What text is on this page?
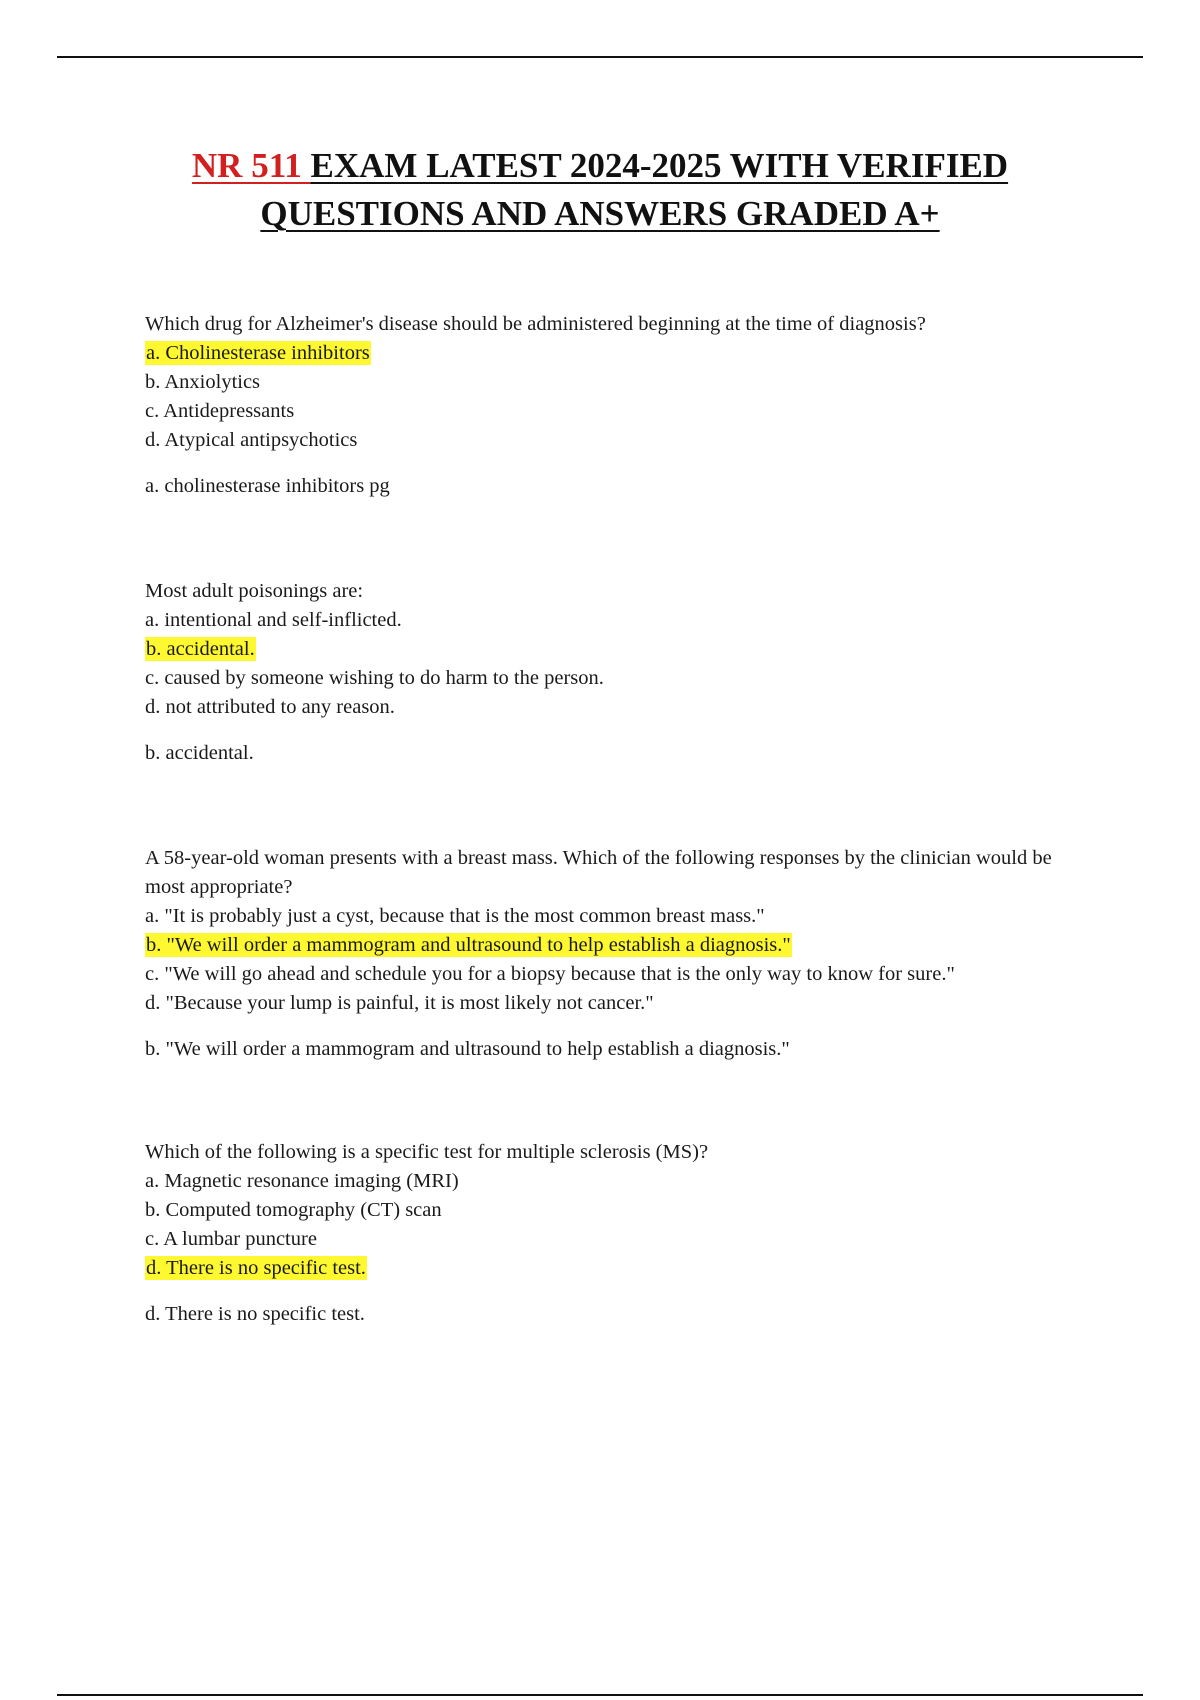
NR 511 EXAM LATEST 2024-2025 WITH VERIFIED
QUESTIONS AND ANSWERS GRADED A+

Which drug for Alzheimer's disease should be administered beginning at the time of diagnosis?

a. Cholinesterase inhibitors
b. Anxiolytics
c. Antidepressants
d. Atypical antipsychotics

a. cholinesterase inhibitors pg

Most adult poisonings are:

a. intentional and self-inflicted.
b. accidental.
c. caused by someone wishing to do harm to the person.
d. not attributed to any reason.

b. accidental.

A 58-year-old woman presents with a breast mass. Which of the following responses by the clinician would be most appropriate?

a. "It is probably just a cyst, because that is the most common breast mass."
b. "We will order a mammogram and ultrasound to help establish a diagnosis."
c. "We will go ahead and schedule you for a biopsy because that is the only way to know for sure."
d. "Because your lump is painful, it is most likely not cancer."

b. "We will order a mammogram and ultrasound to help establish a diagnosis."

Which of the following is a specific test for multiple sclerosis (MS)?

a. Magnetic resonance imaging (MRI)
b. Computed tomography (CT) scan
c. A lumbar puncture
d. There is no specific test.

d. There is no specific test.
